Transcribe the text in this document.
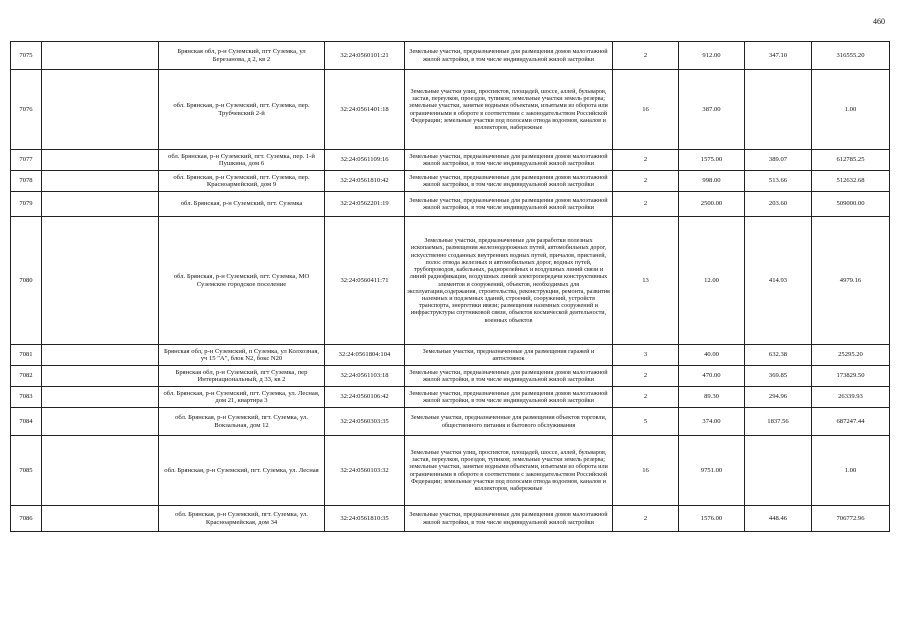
460
7075		Брянская обл, р-н Суземский, пгт Суземка, ул Березанова, д 2, кв 2	32:24:0560101:21	Земельные участки, предназначенные для размещения домов малоэтажной жилой застройки, в том числе индивидуальной жилой застройки	2	912.00	347.10	316555.20
7076		обл. Брянская, р-н Суземский, пгт. Суземка, пер. Трубчевский 2-й	32:24:0561401:18	Земельные участки улиц, проспектов, площадей, шоссе, аллей, бульваров, застав, переулков, проездов, тупиков; земельные участки земель резерва; земельные участки, занятые водными объектами, изъятыми из оборота или ограниченными в обороте в соответствии с законодательством Российской Федерации; земельные участки под полосами отвода водоемов, каналов и коллекторов, набережные	16	387.00		1.00
7077		обл. Брянская, р-н Суземский, пгт. Суземка, пер. 1-й Пушкина, дом 6	32:24:0561109:16	Земельные участки, предназначенные для размещения домов малоэтажной жилой застройки, в том числе индивидуальной жилой застройки	2	1575.00	389.07	612785.25
7078		обл. Брянская, р-н Суземский, пгт. Суземка, пер. Красноармейский, дом 9	32:24:0561810:42	Земельные участки, предназначенные для размещения домов малоэтажной жилой застройки, в том числе индивидуальной жилой застройки	2	998.00	513.66	512632.68
7079		обл. Брянская, р-н Суземский, пгт. Суземка	32:24:0562201:19	Земельные участки, предназначенные для размещения домов малоэтажной жилой застройки, в том числе индивидуальной жилой застройки	2	2500.00	203.60	509000.00
7080		обл. Брянская, р-н Суземский, пгт. Суземка, МО Суземское городское поселение	32:24:0560411:71	Земельные участки, предназначенные для разработки полезных ископаемых, размещения железнодорожных путей, автомобильных дорог, искусственно созданных внутренних водных путей, причалов, пристаней, полос отвода железных и автомобильных дорог, водных путей, трубопроводов, кабельных, радиорелейных и воздушных линий связи и линий радиофикации, воздушных линий электропередачи конструктивных элементов и сооружений, объектов, необходимых для эксплуатации,содержания, строительства, реконструкции, ремонта, развития наземных и подземных зданий, строений, сооружений, устройств транспорта, энергетики ивязи; размещения наземных сооружений и инфраструктуры спутниковой связи, объектов космической деятельности, военных объектов	13	12.00	414.93	4979.16
7081		Брянская обл, р-н Суземский, п Суземка, ул Колхозная, уч 15 "А", блок N2, бокс N20	32:24:0561804:104	Земельные участки, предназначенные для размещения гаражей и автостоянок	3	40.00	632.38	25295.20
7082		Брянская обл, р-н Суземский, пгт Суземка, пер Интернациональный, д 33, кв 2	32:24:0561103:18	Земельные участки, предназначенные для размещения домов малоэтажной жилой застройки, в том числе индивидуальной жилой застройки	2	470.00	369.85	173829.50
7083		обл. Брянская, р-н Суземский, пгт. Суземка, ул. Лесная, дом 21, квартира 3	32:24:0560106:42	Земельные участки, предназначенные для размещения домов малоэтажной жилой застройки, в том числе индивидуальной жилой застройки	2	89.30	294.96	26339.93
7084		обл. Брянская, р-н Суземский, пгт. Суземка, ул. Вокзальная, дом 12	32:24:0560303:35	Земельные участки, предназначенные для размещения объектов торговли, общественного питания и бытового обслуживания	5	374.00	1837.56	687247.44
7085		обл. Брянская, р-н Суземский, пгт. Суземка, ул. Лесная	32:24:0560103:32	Земельные участки улиц, проспектов, площадей, шоссе, аллей, бульваров, застав, переулков, проездов, тупиков; земельные участки земель резерва; земельные участки, занятые водными объектами, изъятыми из оборота или ограниченными в обороте в соответствии с законодательством Российской Федерации; земельные участки под полосами отвода водоемов, каналов и коллекторов, набережные	16	9751.00		1.00
7086		обл. Брянская, р-н Суземский, пгт. Суземка, ул. Красноармейская, дом 34	32:24:0561810:35	Земельные участки, предназначенные для размещения домов малоэтажной жилой застройки, в том числе индивидуальной жилой застройки	2	1576.00	448.46	706772.96
